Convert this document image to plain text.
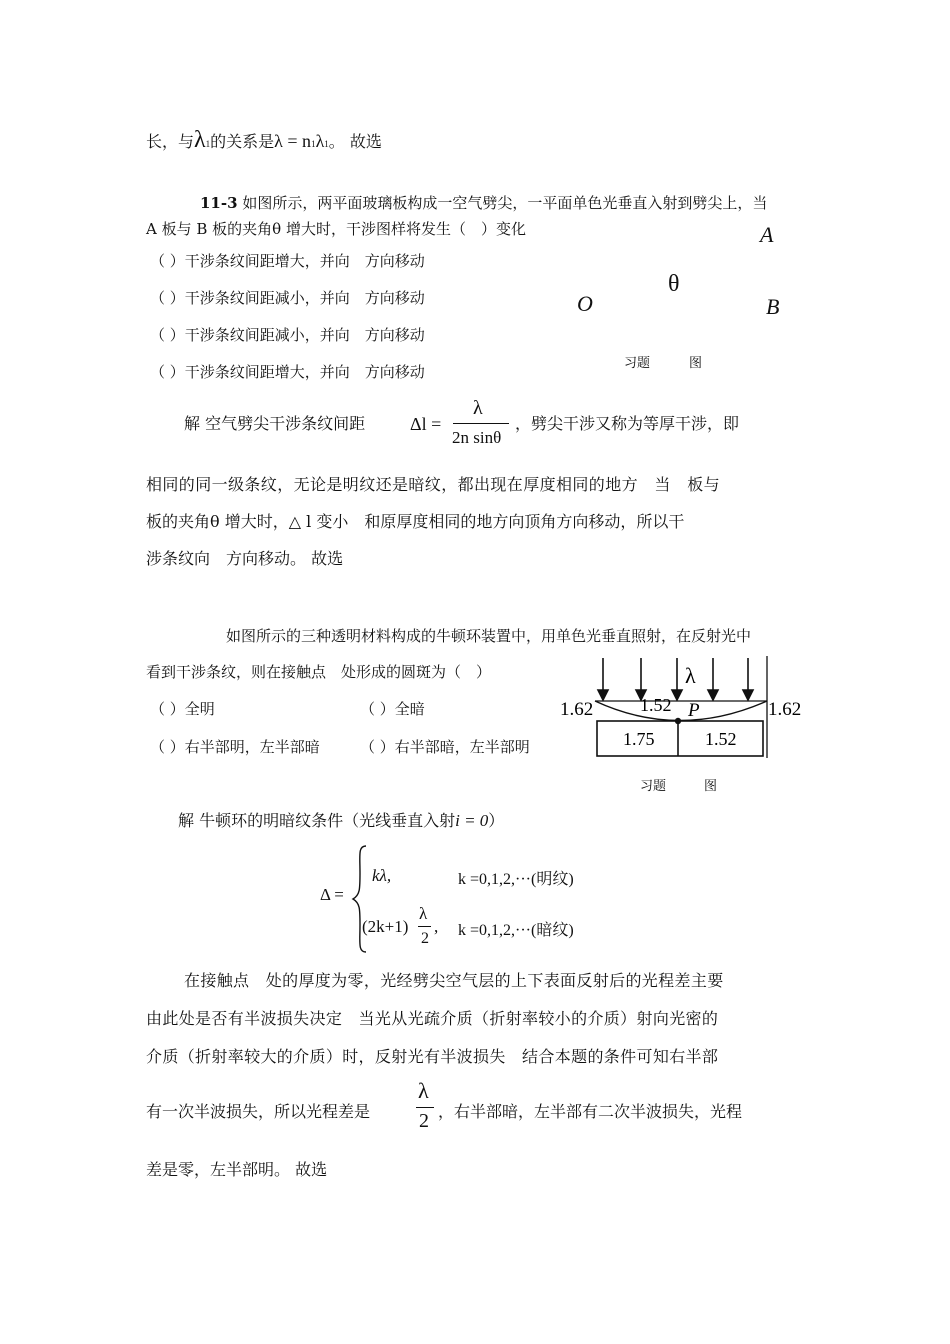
长，与λ1的关系是λ = n1λ1。 故选
11-3 如图所示，两平面玻璃板构成一空气劈尖，一平面单色光垂直入射到劈尖上，当
A 板与 B 板的夹角θ 增大时，干涉图样将发生（　）变化
（ ）干涉条纹间距增大，并向　方向移动
（ ）干涉条纹间距减小，并向　方向移动
（ ）干涉条纹间距减小，并向　方向移动
（ ）干涉条纹间距增大，并向　方向移动
A
θ
O	B
习题	图
解 空气劈尖干涉条纹间距 Δl =
λ
2n sinθ
，劈尖干涉又称为等厚干涉，即
相同的同一级条纹，无论是明纹还是暗纹，都出现在厚度相同的地方　当　板与
板的夹角θ 增大时，△ l 变小　和原厚度相同的地方向顶角方向移动，所以干
涉条纹向　方向移动。 故选
如图所示的三种透明材料构成的牛顿环装置中，用单色光垂直照射，在反射光中
看到干涉条纹，则在接触点　处形成的圆斑为（　）
（ ）全明	（ ）全暗
（ ）右半部明，左半部暗	（ ）右半部暗，左半部明
λ
1.62	1.52 P	1.62
1.75	1.52
习题	图
解 牛顿环的明暗纹条件（光线垂直入射i = 0）
Δ =
kλ,	k =0,1,2,···(明纹)
(2k+1)
λ
2
, k =0,1,2,···(暗纹)
在接触点　处的厚度为零，光经劈尖空气层的上下表面反射后的光程差主要
由此处是否有半波损失决定　当光从光疏介质（折射率较小的介质）射向光密的
介质（折射率较大的介质）时，反射光有半波损失　结合本题的条件可知右半部
有一次半波损失，所以光程差是
λ
2 ，右半部暗，左半部有二次半波损失，光程
差是零，左半部明。 故选
